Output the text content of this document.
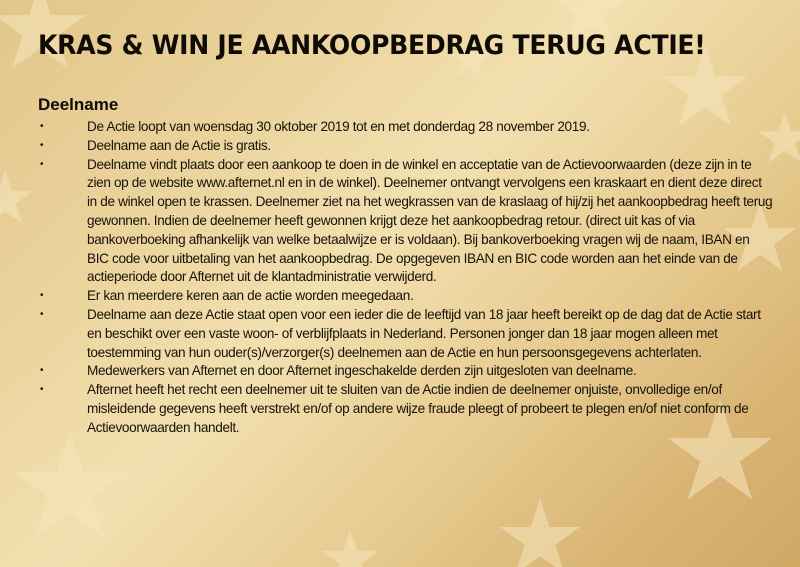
KRAS & WIN JE AANKOOPBEDRAG TERUG ACTIE!
Deelname
•	De Actie loopt van woensdag 30 oktober 2019 tot en met donderdag 28 november 2019.
•	Deelname aan de Actie is gratis.
•	Deelname vindt plaats door een aankoop te doen in de winkel en acceptatie van de Actievoorwaarden (deze zijn in te zien op de website www.afternet.nl en in de winkel). Deelnemer ontvangt vervolgens een kraskaart en dient deze direct in de winkel open te krassen. Deelnemer ziet na het wegkrassen van de kraslaag of hij/zij het aankoopbedrag heeft terug gewonnen. Indien de deelnemer heeft gewonnen krijgt deze het aankoopbedrag retour. (direct uit kas of via bankoverboeking afhankelijk van welke betaalwijze er is voldaan). Bij bankoverboeking vragen wij de naam, IBAN en BIC code voor uitbetaling van het aankoopbedrag. De opgegeven IBAN en BIC code worden aan het einde van de actieperiode door Afternet uit de klantadministratie verwijderd.
•	Er kan meerdere keren aan de actie worden meegedaan.
•	Deelname aan deze Actie staat open voor een ieder die de leeftijd van 18 jaar heeft bereikt op de dag dat de Actie start en beschikt over een vaste woon- of verblijfplaats in Nederland. Personen jonger dan 18 jaar mogen alleen met toestemming van hun ouder(s)/verzorger(s) deelnemen aan de Actie en hun persoonsgegevens achterlaten.
•	Medewerkers van Afternet en door Afternet ingeschakelde derden zijn uitgesloten van deelname.
•	Afternet heeft het recht een deelnemer uit te sluiten van de Actie indien de deelnemer onjuiste, onvolledige en/of misleidende gegevens heeft verstrekt en/of op andere wijze fraude pleegt of probeert te plegen en/of niet conform de Actievoorwaarden handelt.
